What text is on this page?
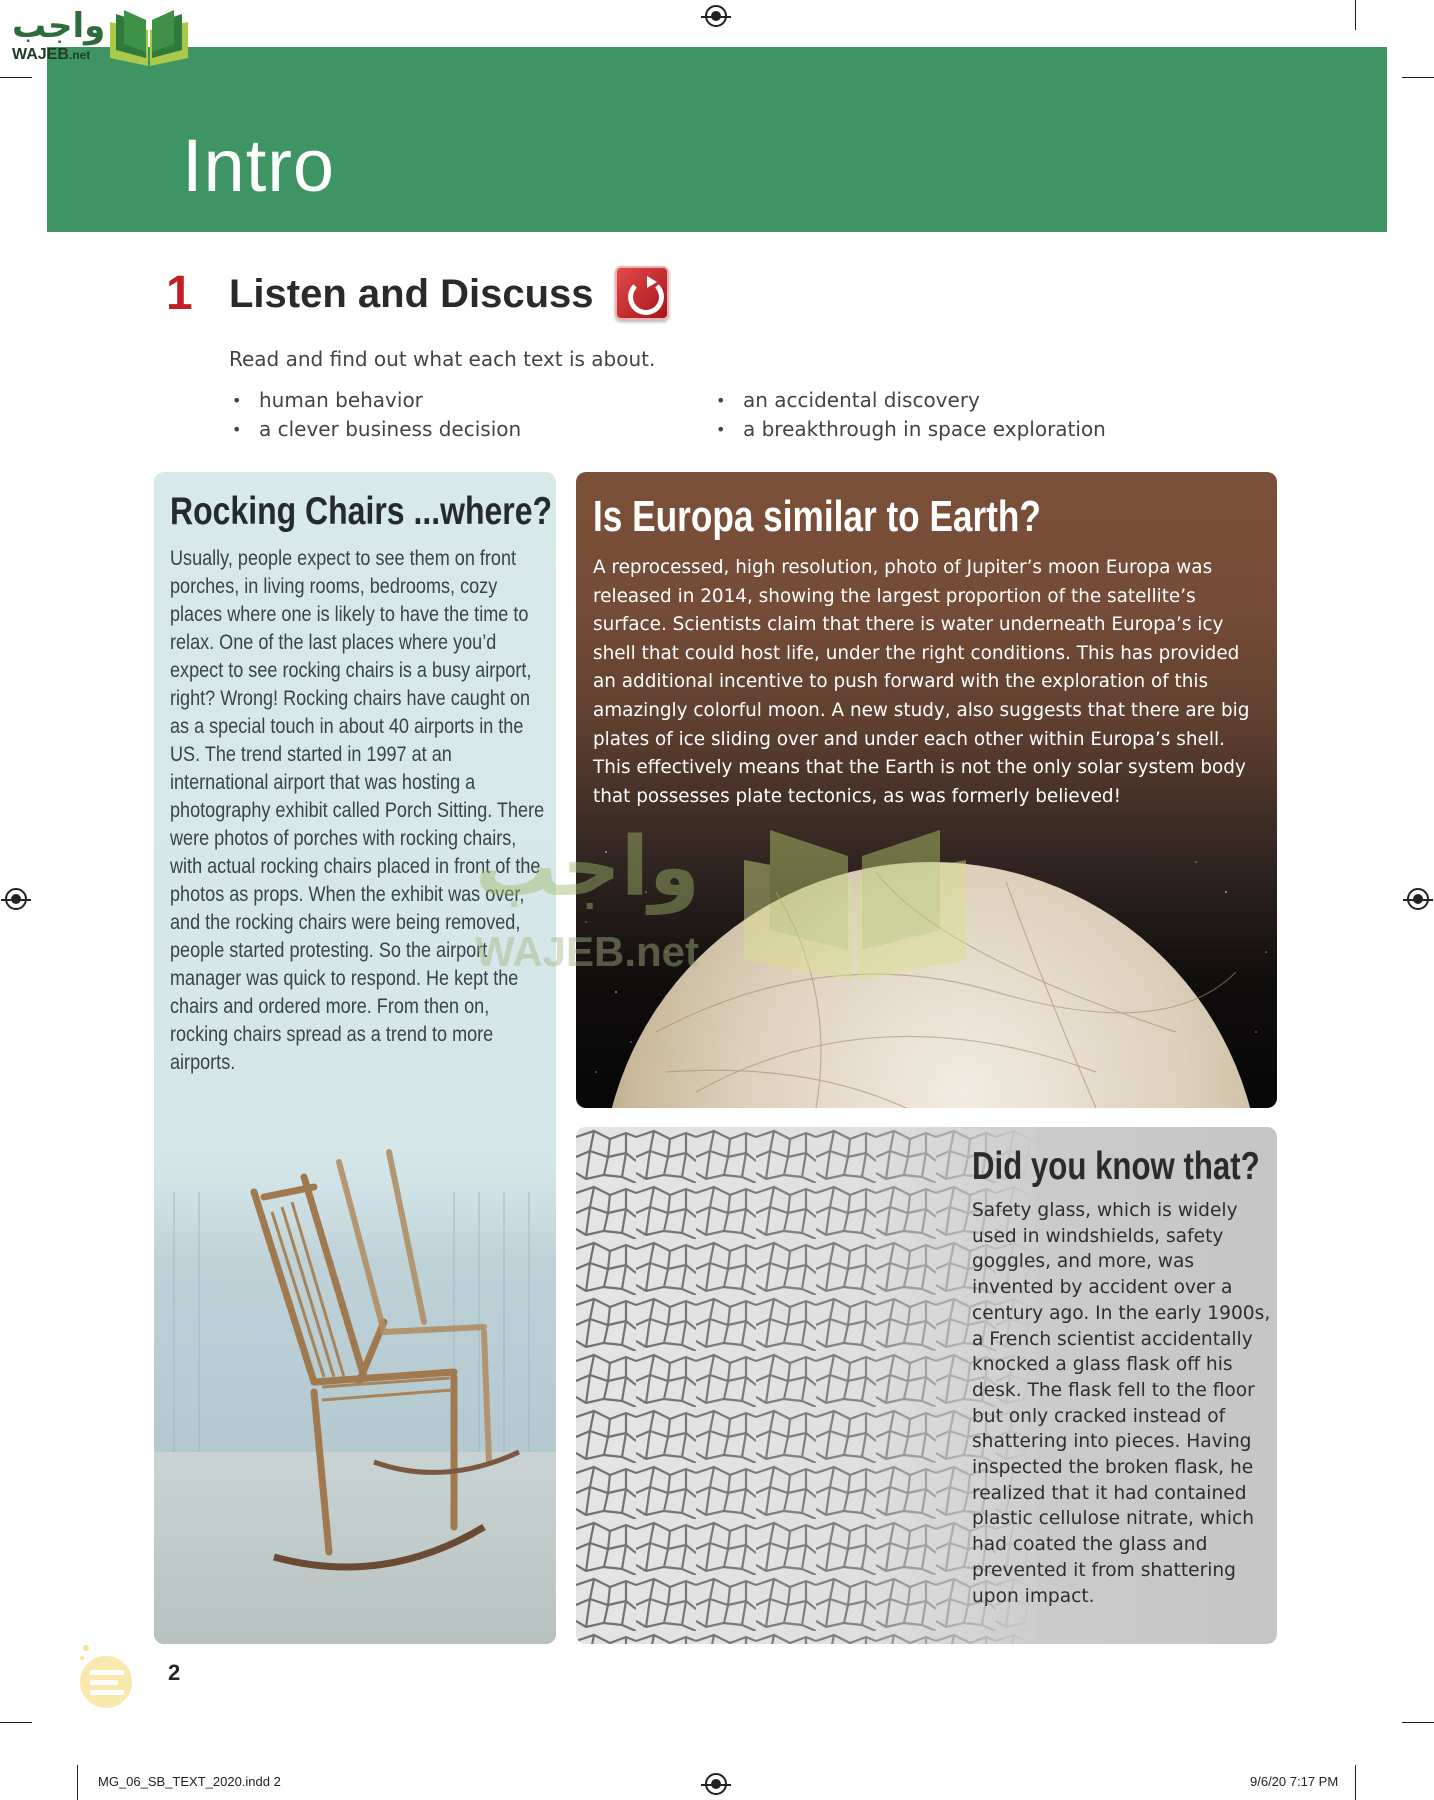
Intro
واجب
WAJEB.net
1 Listen and Discuss
Read and find out what each text is about.
• human behavior
• a clever business decision
• an accidental discovery
• a breakthrough in space exploration
Rocking Chairs ...where?
Usually, people expect to see them on front porches, in living rooms, bedrooms, cozy places where one is likely to have the time to relax. One of the last places where you’d expect to see rocking chairs is a busy airport, right? Wrong! Rocking chairs have caught on as a special touch in about 40 airports in the US. The trend started in 1997 at an international airport that was hosting a photography exhibit called Porch Sitting. There were photos of porches with rocking chairs, with actual rocking chairs placed in front of the photos as props. When the exhibit was over, and the rocking chairs were being removed, people started protesting. So the airport manager was quick to respond. He kept the chairs and ordered more. From then on, rocking chairs spread as a trend to more airports.
Is Europa similar to Earth?
A reprocessed, high resolution, photo of Jupiter’s moon Europa was released in 2014, showing the largest proportion of the satellite’s surface. Scientists claim that there is water underneath Europa’s icy shell that could host life, under the right conditions. This has provided an additional incentive to push forward with the exploration of this amazingly colorful moon. A new study, also suggests that there are big plates of ice sliding over and under each other within Europa’s shell. This effectively means that the Earth is not the only solar system body that possesses plate tectonics, as was formerly believed!
Did you know that?
Safety glass, which is widely used in windshields, safety goggles, and more, was invented by accident over a century ago. In the early 1900s, a French scientist accidentally knocked a glass flask off his desk. The flask fell to the floor but only cracked instead of shattering into pieces. Having inspected the broken flask, he realized that it had contained plastic cellulose nitrate, which had coated the glass and prevented it from shattering upon impact.
واجب
WAJEB.net
2
MG_06_SB_TEXT_2020.indd 2	9/6/20 7:17 PM
